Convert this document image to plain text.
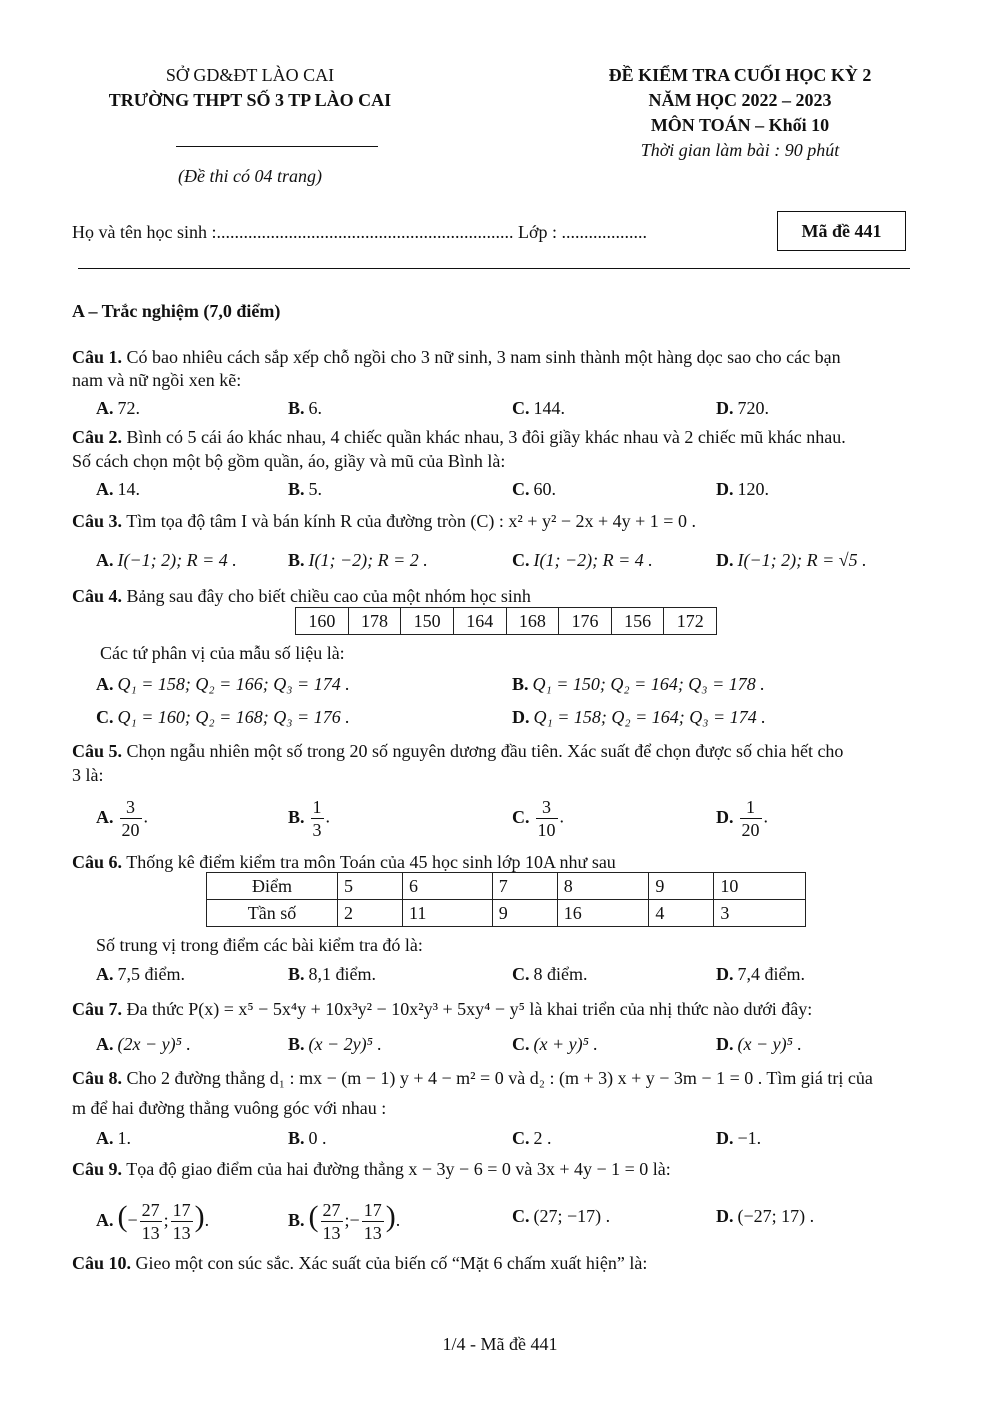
SỞ GD&ĐT LÀO CAI
TRƯỜNG THPT SỐ 3 TP LÀO CAI
(Đề thi có 04 trang)
ĐỀ KIỂM TRA CUỐI HỌC KỲ 2
NĂM HỌC 2022 – 2023
MÔN TOÁN – Khối 10
Thời gian làm bài : 90 phút
Họ và tên học sinh :.................................................................. Lớp : ...................	Mã đề 441
A – Trắc nghiệm (7,0 điểm)
Câu 1. Có bao nhiêu cách sắp xếp chỗ ngồi cho 3 nữ sinh, 3 nam sinh thành một hàng dọc sao cho các bạn
nam và nữ ngồi xen kẽ:
A. 72.	B. 6.	C. 144.	D. 720.
Câu 2. Bình có 5 cái áo khác nhau, 4 chiếc quần khác nhau, 3 đôi giầy khác nhau và 2 chiếc mũ khác nhau.
Số cách chọn một bộ gồm quần, áo, giầy và mũ của Bình là:
A. 14.	B. 5.	C. 60.	D. 120.
Câu 3. Tìm tọa độ tâm I và bán kính R của đường tròn (C) : x² + y² − 2x + 4y + 1 = 0 .
A. I(−1; 2); R = 4 .	B. I(1; −2); R = 2 .	C. I(1; −2); R = 4 .	D. I(−1; 2); R = √5 .
Câu 4. Bảng sau đây cho biết chiều cao của một nhóm học sinh
160	178	150	164	168	176	156	172
Các tứ phân vị của mẫu số liệu là:
A. Q₁ = 158; Q₂ = 166; Q₃ = 174 .	B. Q₁ = 150; Q₂ = 164; Q₃ = 178 .
C. Q₁ = 160; Q₂ = 168; Q₃ = 176 .	D. Q₁ = 158; Q₂ = 164; Q₃ = 174 .
Câu 5. Chọn ngẫu nhiên một số trong 20 số nguyên dương đầu tiên. Xác suất để chọn được số chia hết cho
3 là:
A. $\frac{3}{20}$ .	B. $\frac{1}{3}$ .	C. $\frac{3}{10}$ .	D. $\frac{1}{20}$ .
Câu 6. Thống kê điểm kiểm tra môn Toán của 45 học sinh lớp 10A như sau
Điểm	5	6	7	8	9	10
Tần số	2	11	9	16	4	3
Số trung vị trong điểm các bài kiểm tra đó là:
A. 7,5 điểm.	B. 8,1 điểm.	C. 8 điểm.	D. 7,4 điểm.
Câu 7. Đa thức P(x) = x⁵ − 5x⁴y + 10x³y² − 10x²y³ + 5xy⁴ − y⁵ là khai triển của nhị thức nào dưới đây:
A. (2x − y)⁵ .	B. (x − 2y)⁵ .	C. (x + y)⁵ .	D. (x − y)⁵ .
Câu 8. Cho 2 đường thẳng d₁ : mx − (m − 1) y + 4 − m² = 0 và d₂ : (m + 3) x + y − 3m − 1 = 0 . Tìm giá trị của
m để hai đường thẳng vuông góc với nhau :
A. 1.	B. 0 .	C. 2 .	D. −1.
Câu 9. Tọa độ giao điểm của hai đường thẳng x − 3y − 6 = 0 và 3x + 4y − 1 = 0 là:
A. (− $\frac{27}{13}$ ; $\frac{17}{13}$ ).	B. ( $\frac{27}{13}$ ;− $\frac{17}{13}$ ).	C. (27; −17) .	D. (−27; 17) .
Câu 10. Gieo một con súc sắc. Xác suất của biến cố “Mặt 6 chấm xuất hiện” là:
1/4 - Mã đề 441
